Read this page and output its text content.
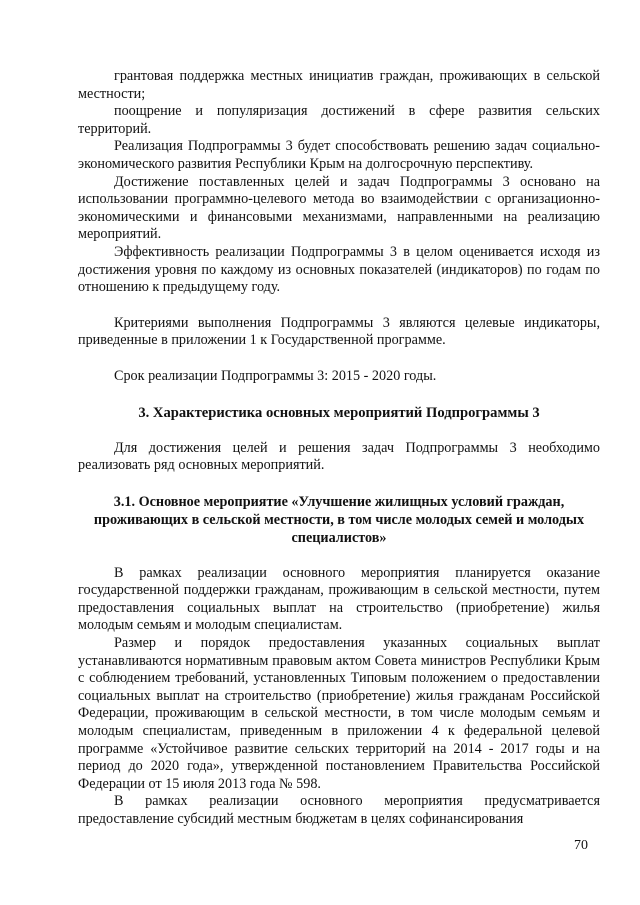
грантовая поддержка местных инициатив граждан, проживающих в сельской местности;

поощрение и популяризация достижений в сфере развития сельских территорий.

Реализация Подпрограммы 3 будет способствовать решению задач социально-экономического развития Республики Крым на долгосрочную перспективу.

Достижение поставленных целей и задач Подпрограммы 3 основано на использовании программно-целевого метода во взаимодействии с организационно-экономическими и финансовыми механизмами, направленными на реализацию мероприятий.

Эффективность реализации Подпрограммы 3 в целом оценивается исходя из достижения уровня по каждому из основных показателей (индикаторов) по годам по отношению к предыдущему году.

Критериями выполнения Подпрограммы 3 являются целевые индикаторы, приведенные в приложении 1 к Государственной программе.

Срок реализации Подпрограммы 3: 2015 - 2020 годы.

3. Характеристика основных мероприятий Подпрограммы 3

Для достижения целей и решения задач Подпрограммы 3 необходимо реализовать ряд основных мероприятий.

3.1. Основное мероприятие «Улучшение жилищных условий граждан, проживающих в сельской местности, в том числе молодых семей и молодых специалистов»

В рамках реализации основного мероприятия планируется оказание государственной поддержки гражданам, проживающим в сельской местности, путем предоставления социальных выплат на строительство (приобретение) жилья молодым семьям и молодым специалистам.

Размер и порядок предоставления указанных социальных выплат устанавливаются нормативным правовым актом Совета министров Республики Крым с соблюдением требований, установленных Типовым положением о предоставлении социальных выплат на строительство (приобретение) жилья гражданам Российской Федерации, проживающим в сельской местности, в том числе молодым семьям и молодым специалистам, приведенным в приложении 4 к федеральной целевой программе «Устойчивое развитие сельских территорий на 2014 - 2017 годы и на период до 2020 года», утвержденной постановлением Правительства Российской Федерации от 15 июля 2013 года № 598.

В рамках реализации основного мероприятия предусматривается предоставление субсидий местным бюджетам в целях софинансирования

70
